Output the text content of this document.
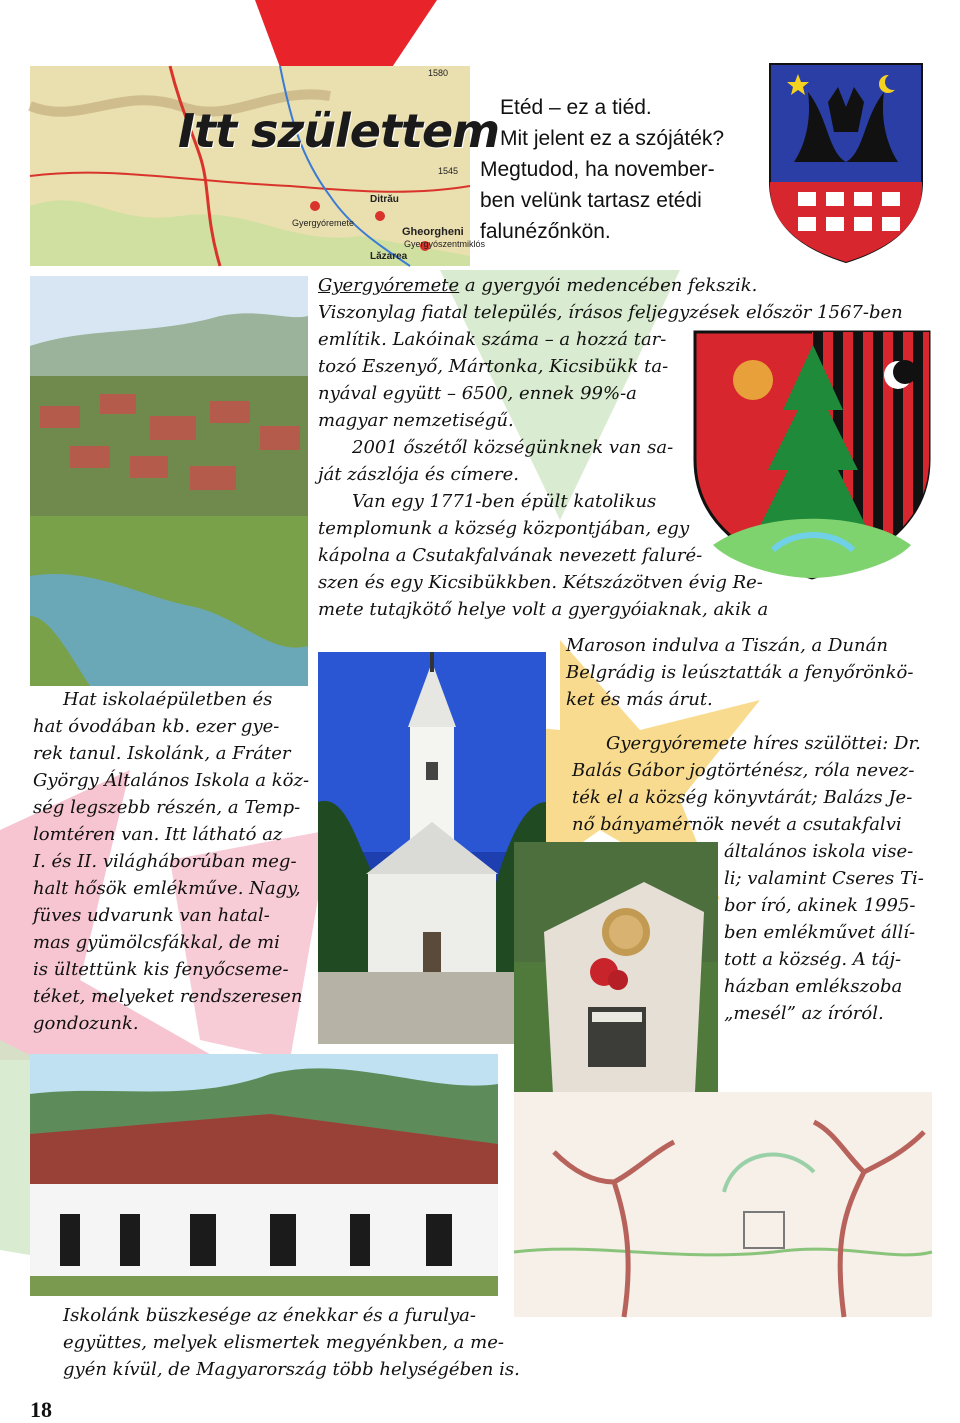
Gheorgheni
Gyergyószentmiklós
Lăzarea
Gyergyóremete
Ditrău
1545
1580
Itt születtem Etéd – ez a tiéd.
Mit jelent ez a szójáték?
Megtudod, ha november-
ben velünk tartasz etédi
falunézőnkön.
Gyergyóremete a gyergyói medencében fekszik.
Viszonylag fiatal település, írásos feljegyzések először 1567-ben
említik. Lakóinak száma – a hozzá tar-
tozó Eszenyő, Mártonka, Kicsibükk ta-
nyával együtt – 6500, ennek 99%-a
magyar nemzetiségű.
2001 őszétől községünknek van sa-
ját zászlója és címere.
Van egy 1771-ben épült katolikus
templomunk a község központjában, egy
kápolna a Csutakfalvának nevezett faluré-
szen és egy Kicsibükkben. Kétszázötven évig Re-
mete tutajkötő helye volt a gyergyóiaknak, akik a
Maroson indulva a Tiszán, a Dunán
Belgrádig is leúsztatták a fenyőrönkö-
ket és más árut.
Hat iskolaépületben és
hat óvodában kb. ezer gye-
rek tanul. Iskolánk, a Fráter
György Általános Iskola a köz-
ség legszebb részén, a Temp-
lomtéren van. Itt látható az
I. és II. világháborúban meg-
halt hősök emlékműve. Nagy,
füves udvarunk van hatal-
mas gyümölcsfákkal, de mi
is ültettünk kis fenyőcseme-
téket, melyeket rendszeresen
gondozunk.
Gyergyóremete híres szülöttei: Dr.
Balás Gábor jogtörténész, róla nevez-
ték el a község könyvtárát; Balázs Je-
nő bányamérnök nevét a csutakfalvi
általános iskola vise-
li; valamint Cseres Ti-
bor író, akinek 1995-
ben emlékművet állí-
tott a község. A táj-
házban emlékszoba
„mesél” az íróról.
Iskolánk büszkesége az énekkar és a furulya-
együttes, melyek elismertek megyénkben, a me-
gyén kívül, de Magyarország több helységében is.
18
